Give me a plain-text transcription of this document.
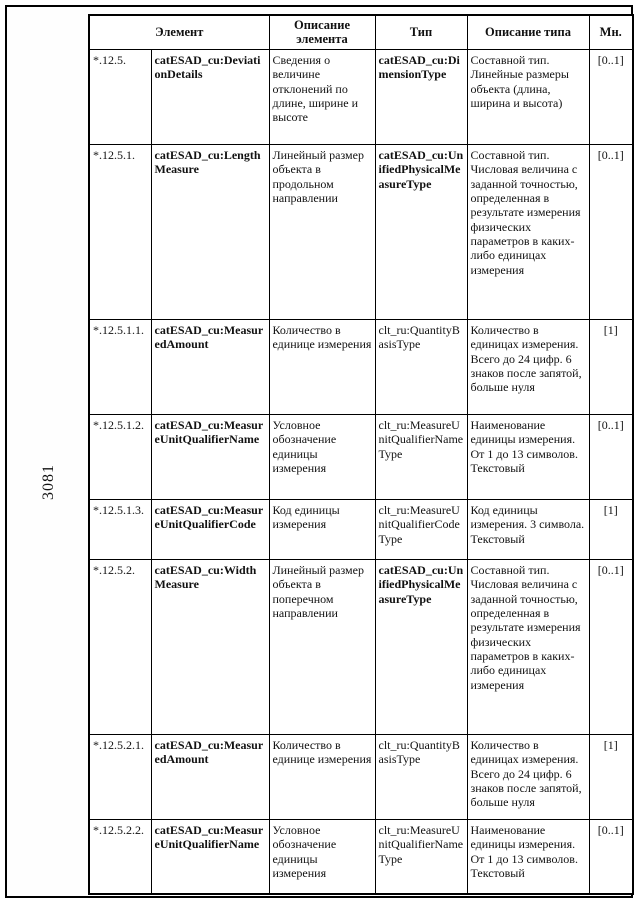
3081
Элемент		Описание элемента	Тип	Описание типа	Мн.
*.12.5.	catESAD_cu:DeviationDetails	Сведения о величине отклонений по длине, ширине и высоте	catESAD_cu:DimensionType	Составной тип. Линейные размеры объекта (длина, ширина и высота)	[0..1]
*.12.5.1.	catESAD_cu:LengthMeasure	Линейный размер объекта в продольном направлении	catESAD_cu:UnifiedPhysicalMeasureType	Составной тип. Числовая величина с заданной точностью, определенная в результате измерения физических параметров в каких-либо единицах измерения	[0..1]
*.12.5.1.1.	catESAD_cu:MeasuredAmount	Количество в единице измерения	clt_ru:QuantityBasisType	Количество в единицах измерения. Всего до 24 цифр. 6 знаков после запятой, больше нуля	[1]
*.12.5.1.2.	catESAD_cu:MeasureUnitQualifierName	Условное обозначение единицы измерения	clt_ru:MeasureUnitQualifierNameType	Наименование единицы измерения. От 1 до 13 символов. Текстовый	[0..1]
*.12.5.1.3.	catESAD_cu:MeasureUnitQualifierCode	Код единицы измерения	clt_ru:MeasureUnitQualifierCodeType	Код единицы измерения. 3 символа. Текстовый	[1]
*.12.5.2.	catESAD_cu:WidthMeasure	Линейный размер объекта в поперечном направлении	catESAD_cu:UnifiedPhysicalMeasureType	Составной тип. Числовая величина с заданной точностью, определенная в результате измерения физических параметров в каких-либо единицах измерения	[0..1]
*.12.5.2.1.	catESAD_cu:MeasuredAmount	Количество в единице измерения	clt_ru:QuantityBasisType	Количество в единицах измерения. Всего до 24 цифр. 6 знаков после запятой, больше нуля	[1]
*.12.5.2.2.	catESAD_cu:MeasureUnitQualifierName	Условное обозначение единицы измерения	clt_ru:MeasureUnitQualifierNameType	Наименование единицы измерения. От 1 до 13 символов. Текстовый	[0..1]
